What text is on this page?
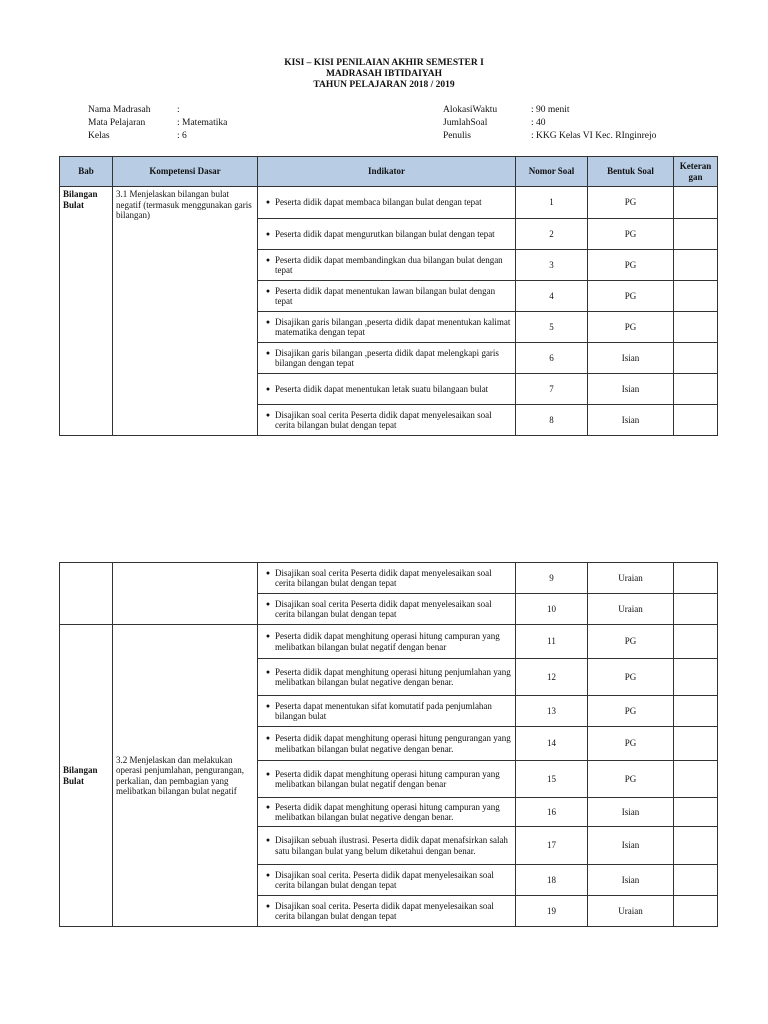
KISI – KISI PENILAIAN AKHIR SEMESTER I
MADRASAH IBTIDAIYAH
TAHUN PELAJARAN 2018 / 2019
Nama Madrasah	:
Mata Pelajaran	: Matematika
Kelas	: 6
AlokasiWaktu	: 90 menit
JumlahSoal	: 40
Penulis	: KKG Kelas VI Kec. RInginrejo
Bab	Kompetensi Dasar	Indikator	Nomor Soal	Bentuk Soal	Keteran gan
Bilangan Bulat	3.1 Menjelaskan bilangan bulat negatif (termasuk menggunakan garis bilangan)	● Peserta didik dapat membaca bilangan bulat dengan tepat	1	PG	

		● Peserta didik dapat mengurutkan bilangan bulat dengan tepat	2	PG	

		● Peserta didik dapat membandingkan dua bilangan bulat dengan tepat	3	PG	

		● Peserta didik dapat menentukan lawan bilangan bulat dengan tepat	4	PG	

		● Disajikan garis bilangan ,peserta didik dapat menentukan kalimat matematika dengan tepat	5	PG	

		● Disajikan garis bilangan ,peserta didik dapat melengkapi garis bilangan dengan tepat	6	Isian	

		● Peserta didik dapat menentukan letak suatu bilangaan bulat	7	Isian	

		● Disajikan soal cerita Peserta didik dapat menyelesaikan soal cerita bilangan bulat dengan tepat	8	Isian	

		● Disajikan soal cerita Peserta didik dapat menyelesaikan soal cerita bilangan bulat dengan tepat	9	Uraian	

		● Disajikan soal cerita Peserta didik dapat menyelesaikan soal cerita bilangan bulat dengan tepat	10	Uraian	
Bilangan Bulat	3.2 Menjelaskan dan melakukan operasi penjumlahan, pengurangan, perkalian, dan pembagian yang melibatkan bilangan bulat negatif	● Peserta didik dapat menghitung operasi hitung campuran yang melibatkan bilangan bulat negatif dengan benar	11	PG	

		● Peserta didik dapat menghitung operasi hitung penjumlahan yang melibatkan bilangan bulat negative dengan benar.	12	PG	

		● Peserta dapat menentukan sifat komutatif pada penjumlahan bilangan bulat	13	PG	

		● Peserta didik dapat menghitung operasi hitung pengurangan yang melibatkan bilangan bulat negative dengan benar.	14	PG	

		● Peserta didik dapat menghitung operasi hitung campuran yang melibatkan bilangan bulat negatif dengan benar	15	PG	

		● Peserta didik dapat menghitung operasi hitung campuran yang melibatkan bilangan bulat negative dengan benar.	16	Isian	

		● Disajikan sebuah ilustrasi. Peserta didik dapat menafsirkan salah satu bilangan bulat yang belum diketahui dengan benar.	17	Isian	

		● Disajikan soal cerita. Peserta didik dapat menyelesaikan soal cerita bilangan bulat dengan tepat	18	Isian	

		● Disajikan soal cerita. Peserta didik dapat menyelesaikan soal cerita bilangan bulat dengan tepat	19	Uraian	
